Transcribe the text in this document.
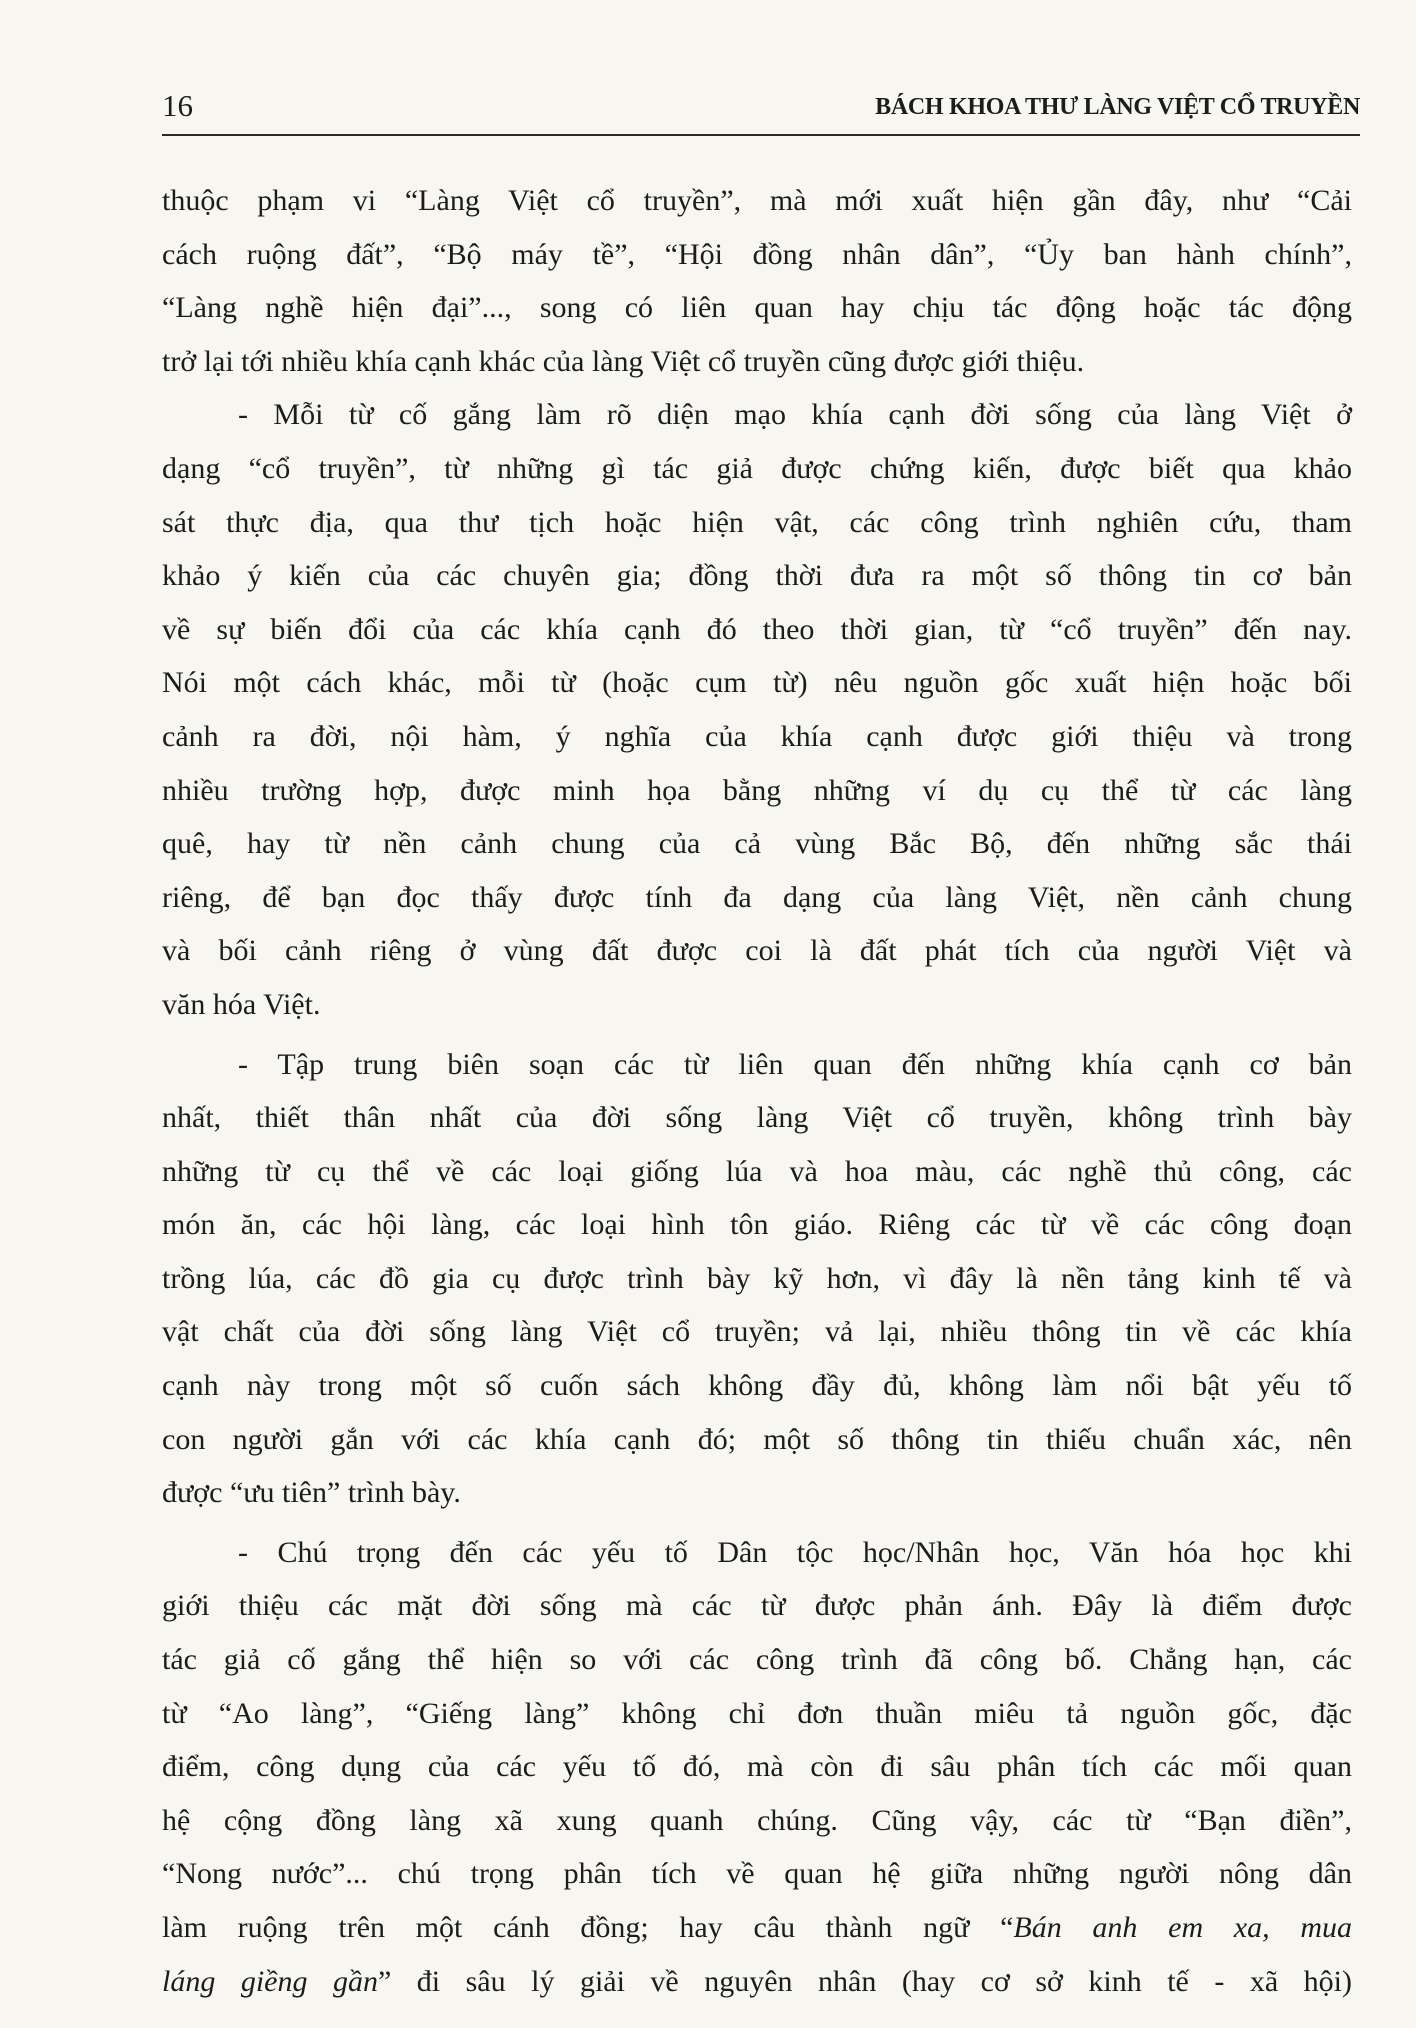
16	BÁCH KHOA THƯ LÀNG VIỆT CỔ TRUYỀN
thuộc phạm vi “Làng Việt cổ truyền”, mà mới xuất hiện gần đây, như “Cải
cách ruộng đất”, “Bộ máy tề”, “Hội đồng nhân dân”, “Ủy ban hành chính”,
“Làng nghề hiện đại”..., song có liên quan hay chịu tác động hoặc tác động
trở lại tới nhiều khía cạnh khác của làng Việt cổ truyền cũng được giới thiệu.
- Mỗi từ cố gắng làm rõ diện mạo khía cạnh đời sống của làng Việt ở
dạng “cổ truyền”, từ những gì tác giả được chứng kiến, được biết qua khảo
sát thực địa, qua thư tịch hoặc hiện vật, các công trình nghiên cứu, tham
khảo ý kiến của các chuyên gia; đồng thời đưa ra một số thông tin cơ bản
về sự biến đổi của các khía cạnh đó theo thời gian, từ “cổ truyền” đến nay.
Nói một cách khác, mỗi từ (hoặc cụm từ) nêu nguồn gốc xuất hiện hoặc bối
cảnh ra đời, nội hàm, ý nghĩa của khía cạnh được giới thiệu và trong
nhiều trường hợp, được minh họa bằng những ví dụ cụ thể từ các làng
quê, hay từ nền cảnh chung của cả vùng Bắc Bộ, đến những sắc thái
riêng, để bạn đọc thấy được tính đa dạng của làng Việt, nền cảnh chung
và bối cảnh riêng ở vùng đất được coi là đất phát tích của người Việt và
văn hóa Việt.
- Tập trung biên soạn các từ liên quan đến những khía cạnh cơ bản
nhất, thiết thân nhất của đời sống làng Việt cổ truyền, không trình bày
những từ cụ thể về các loại giống lúa và hoa màu, các nghề thủ công, các
món ăn, các hội làng, các loại hình tôn giáo. Riêng các từ về các công đoạn
trồng lúa, các đồ gia cụ được trình bày kỹ hơn, vì đây là nền tảng kinh tế và
vật chất của đời sống làng Việt cổ truyền; vả lại, nhiều thông tin về các khía
cạnh này trong một số cuốn sách không đầy đủ, không làm nổi bật yếu tố
con người gắn với các khía cạnh đó; một số thông tin thiếu chuẩn xác, nên
được “ưu tiên” trình bày.
- Chú trọng đến các yếu tố Dân tộc học/Nhân học, Văn hóa học khi
giới thiệu các mặt đời sống mà các từ được phản ánh. Đây là điểm được
tác giả cố gắng thể hiện so với các công trình đã công bố. Chẳng hạn, các
từ “Ao làng”, “Giếng làng” không chỉ đơn thuần miêu tả nguồn gốc, đặc
điểm, công dụng của các yếu tố đó, mà còn đi sâu phân tích các mối quan
hệ cộng đồng làng xã xung quanh chúng. Cũng vậy, các từ “Bạn điền”,
“Nong nước”... chú trọng phân tích về quan hệ giữa những người nông dân
làm ruộng trên một cánh đồng; hay câu thành ngữ “Bán anh em xa, mua
láng giềng gần” đi sâu lý giải về nguyên nhân (hay cơ sở kinh tế - xã hội)
